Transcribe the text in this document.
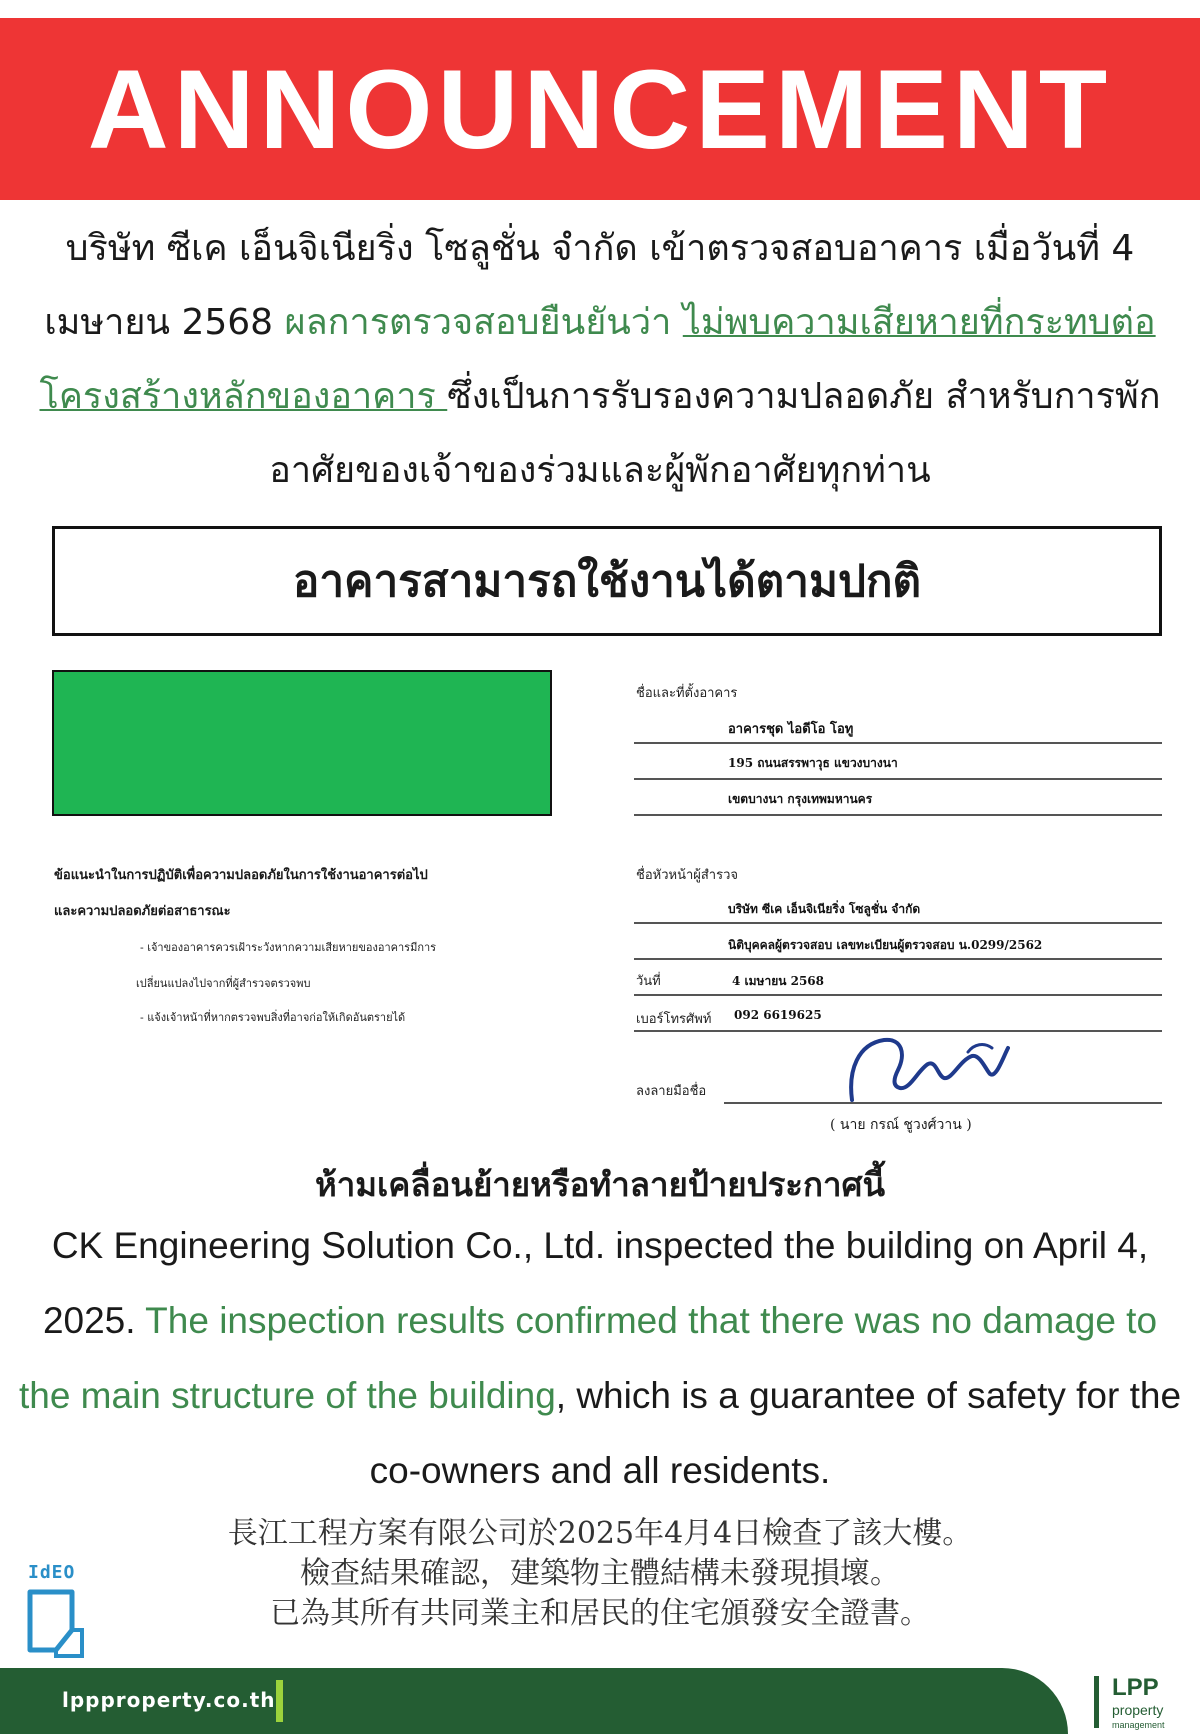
ANNOUNCEMENT
บริษัท ซีเค เอ็นจิเนียริ่ง โซลูชั่น จำกัด เข้าตรวจสอบอาคาร เมื่อวันที่ 4 เมษายน 2568 ผลการตรวจสอบยืนยันว่า ไม่พบความเสียหายที่กระทบต่อโครงสร้างหลักของอาคาร ซึ่งเป็นการรับรองความปลอดภัย สำหรับการพักอาศัยของเจ้าของร่วมและผู้พักอาศัยทุกท่าน
อาคารสามารถใช้งานได้ตามปกติ
ชื่อและที่ตั้งอาคาร
อาคารชุด ไอดีโอ โอทู
195 ถนนสรรพาวุธ แขวงบางนา
เขตบางนา กรุงเทพมหานคร
ข้อแนะนำในการปฏิบัติเพื่อความปลอดภัยในการใช้งานอาคารต่อไป
และความปลอดภัยต่อสาธารณะ
- เจ้าของอาคารควรเฝ้าระวังหากความเสียหายของอาคารมีการ
เปลี่ยนแปลงไปจากที่ผู้สำรวจตรวจพบ
- แจ้งเจ้าหน้าที่หากตรวจพบสิ่งที่อาจก่อให้เกิดอันตรายได้
ชื่อหัวหน้าผู้สำรวจ
บริษัท ซีเค เอ็นจิเนียริ่ง โซลูชั่น จำกัด
นิติบุคคลผู้ตรวจสอบ เลขทะเบียนผู้ตรวจสอบ น.0299/2562
วันที่	4 เมษายน 2568
เบอร์โทรศัพท์ 092 6619625
ลงลายมือชื่อ
( นาย กรณ์ ชูวงศ์วาน )
ห้ามเคลื่อนย้ายหรือทำลายป้ายประกาศนี้
CK Engineering Solution Co., Ltd. inspected the building on April 4, 2025. The inspection results confirmed that there was no damage to the main structure of the building, which is a guarantee of safety for the co-owners and all residents.
長江工程方案有限公司於2025年4月4日檢查了該大樓。
檢查結果確認，建築物主體結構未發現損壞。
已為其所有共同業主和居民的住宅頒發安全證書。
IdEO
lppproperty.co.th	LPP
property
management
